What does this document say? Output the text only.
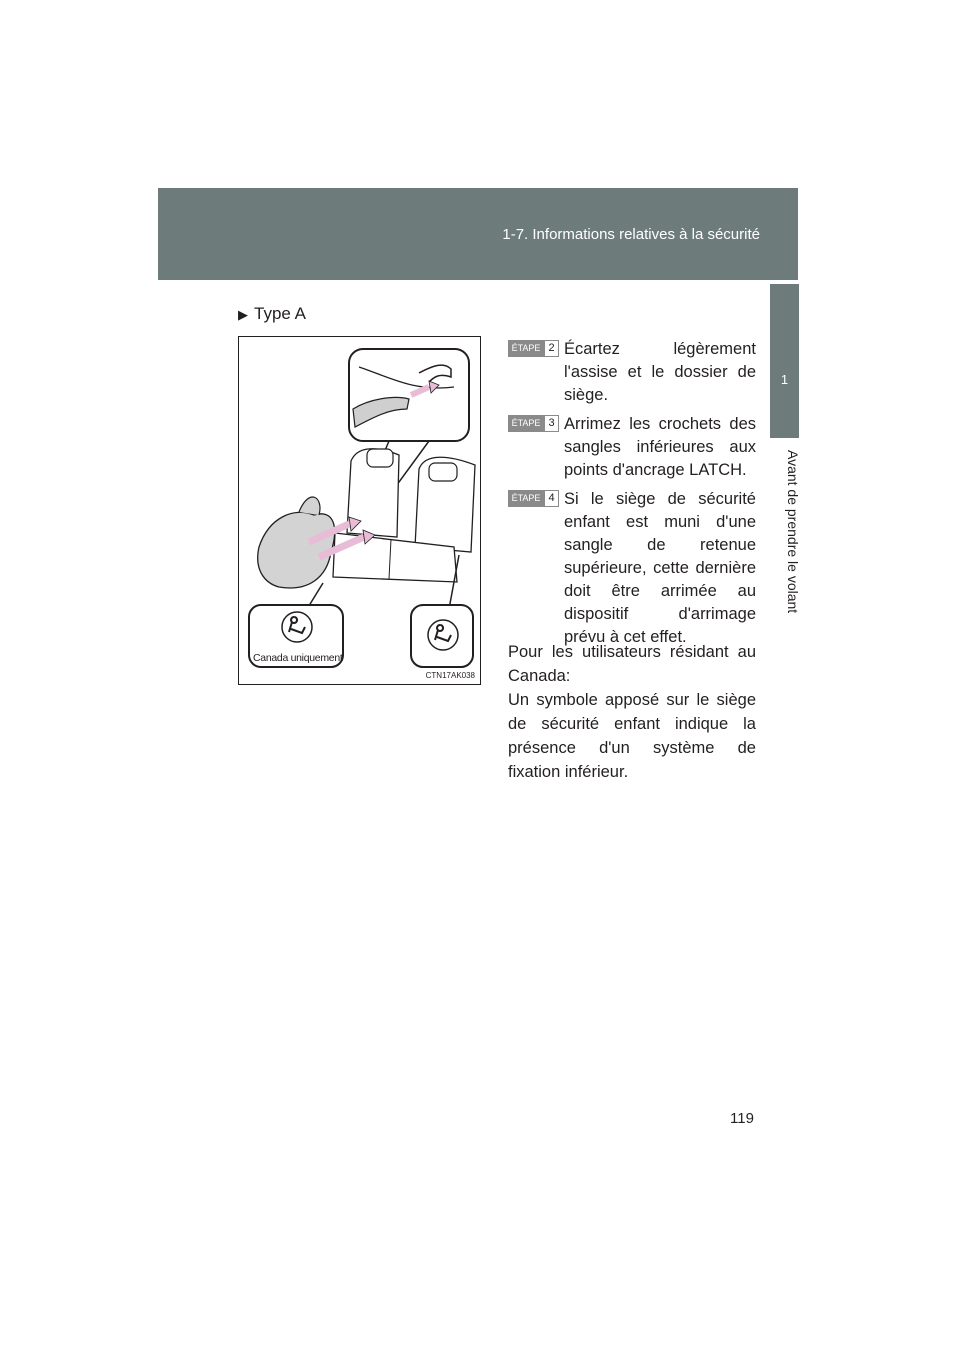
1-7. Informations relatives à la sécurité
1
Avant de prendre le volant
▶ Type A
Canada uniquement
CTN17AK038
ÉTAPE 2 Écartez légèrement l'assise et le dossier de siège.
ÉTAPE 3 Arrimez les crochets des sangles inférieures aux points d'ancrage LATCH.
ÉTAPE 4 Si le siège de sécurité enfant est muni d'une sangle de retenue supérieure, cette dernière doit être arrimée au dispositif d'arrimage prévu à cet effet.

Pour les utilisateurs résidant au Canada:

Un symbole apposé sur le siège de sécurité enfant indique la présence d'un système de fixation inférieur.

119
